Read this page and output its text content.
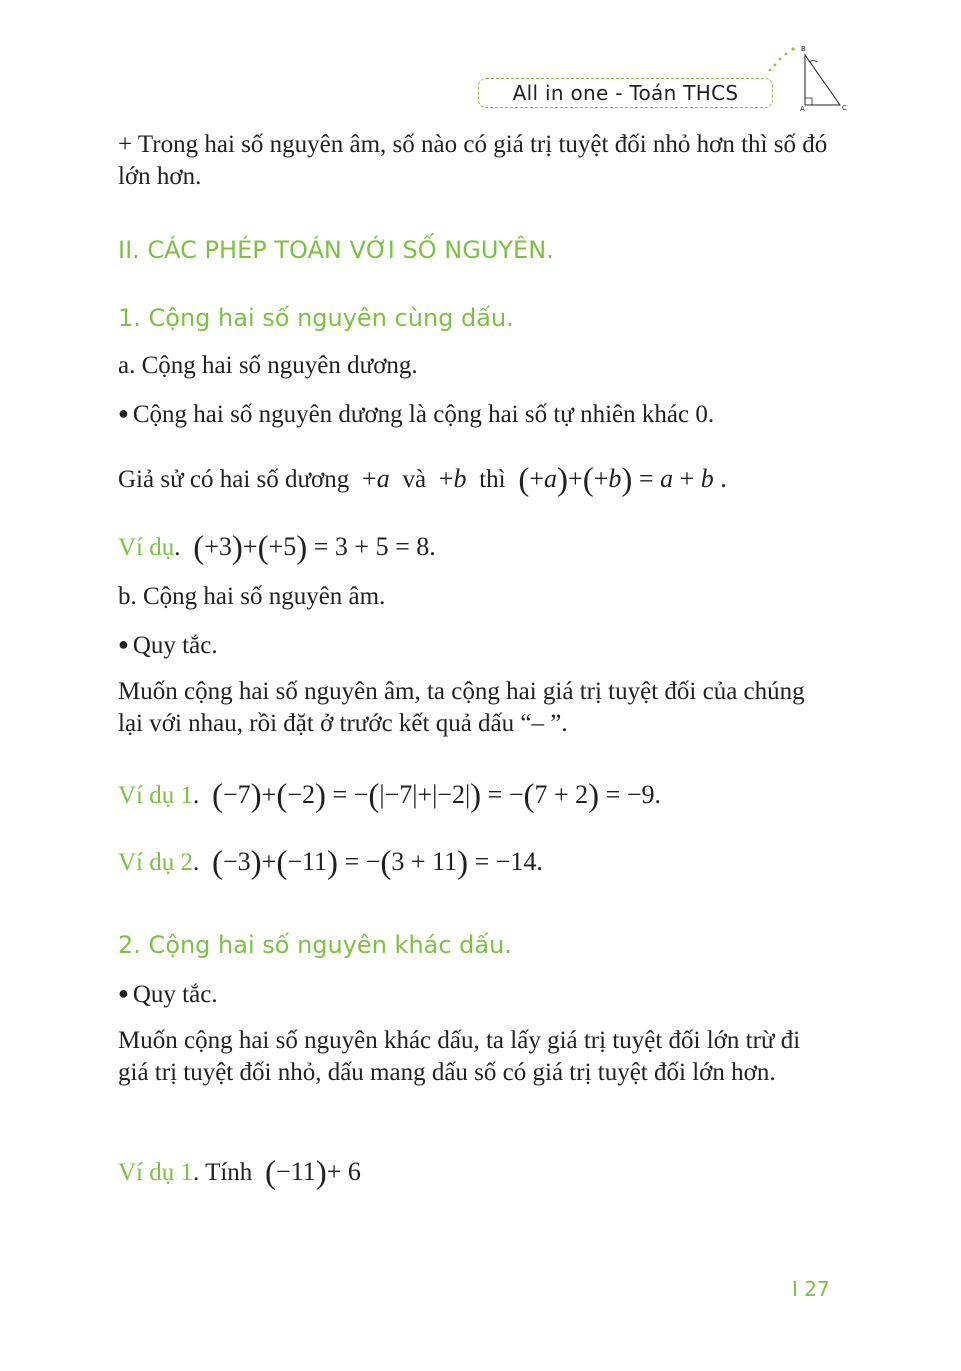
B
A	C
All in one - Toán THCS

+ Trong hai số nguyên âm, số nào có giá trị tuyệt đối nhỏ hơn thì số đó lớn hơn.

II. CÁC PHÉP TOÁN VỚI SỐ NGUYÊN.

1. Cộng hai số nguyên cùng dấu.

a. Cộng hai số nguyên dương.

● Cộng hai số nguyên dương là cộng hai số tự nhiên khác 0.

Giả sử có hai số dương  +a và  +b thì (+a)+(+b) = a + b .

Ví dụ. (+3)+(+5) = 3 + 5 = 8.

b. Cộng hai số nguyên âm.

● Quy tắc.

Muốn cộng hai số nguyên âm, ta cộng hai giá trị tuyệt đối của chúng lại với nhau, rồi đặt ở trước kết quả dấu “– ”.

Ví dụ 1. (−7)+(−2) = −(|−7|+|−2|) = −(7 + 2) = −9.

Ví dụ 2. (−3)+(−11) = −(3 + 11) = −14.

2. Cộng hai số nguyên khác dấu.

● Quy tắc.

Muốn cộng hai số nguyên khác dấu, ta lấy giá trị tuyệt đối lớn trừ đi giá trị tuyệt đối nhỏ, dấu mang dấu số có giá trị tuyệt đối lớn hơn.

Ví dụ 1. Tính (−11)+ 6

I 27
